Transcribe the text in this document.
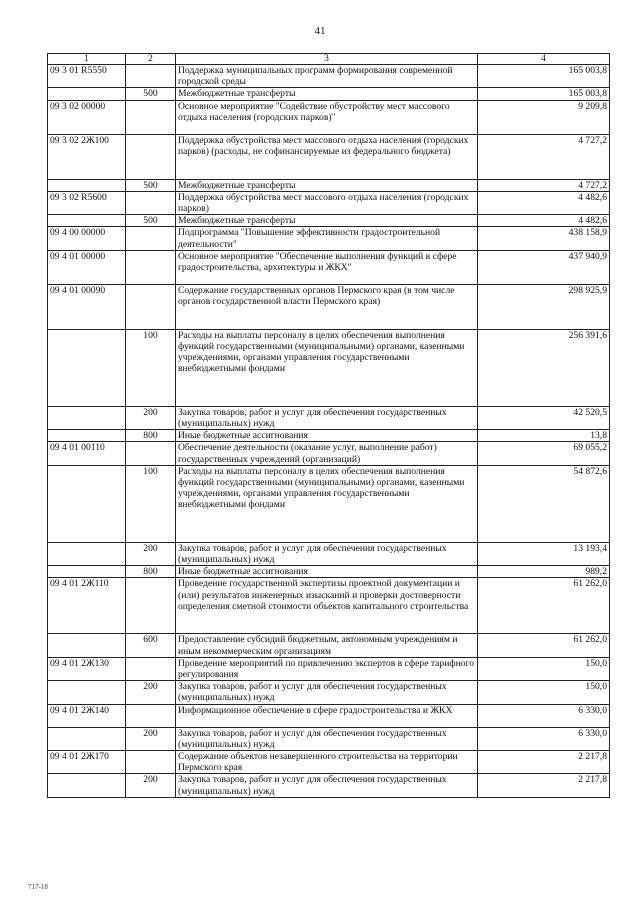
41
1	2	3	4
09 3 01 R5550		Поддержка муниципальных программ формирования современной городской среды	165 003,8
	500	Межбюджетные трансферты	165 003,8
09 3 02 00000		Основное мероприятие "Содействие обустройству мест массового отдыха населения (городских парков)"	9 209,8
09 3 02 2Ж100		Поддержка обустройства мест массового отдыха населения (городских парков) (расходы, не софинансируемые из федерального бюджета)	4 727,2
	500	Межбюджетные трансферты	4 727,2
09 3 02 R5600		Поддержка обустройства мест массового отдыха населения (городских парков)	4 482,6
	500	Межбюджетные трансферты	4 482,6
09 4 00 00000		Подпрограмма "Повышение эффективности градостроительной деятельности"	438 158,9
09 4 01 00000		Основное мероприятие "Обеспечение выполнения функций в сфере градостроительства, архитектуры и ЖКХ"	437 940,9
09 4 01 00090		Содержание государственных органов Пермского края (в том числе органов государственной власти Пермского края)	298 925,9
	100	Расходы на выплаты персоналу в целях обеспечения выполнения функций государственными (муниципальными) органами, казенными учреждениями, органами управления государственными внебюджетными фондами	256 391,6
	200	Закупка товаров, работ и услуг для обеспечения государственных (муниципальных) нужд	42 520,5
	800	Иные бюджетные ассигнования	13,8
09 4 01 00110		Обеспечение деятельности (оказание услуг, выполнение работ) государственных учреждений (организаций)	69 055,2
	100	Расходы на выплаты персоналу в целях обеспечения выполнения функций государственными (муниципальными) органами, казенными учреждениями, органами управления государственными внебюджетными фондами	54 872,6
	200	Закупка товаров, работ и услуг для обеспечения государственных (муниципальных) нужд	13 193,4
	800	Иные бюджетные ассигнования	989,2
09 4 01 2Ж110		Проведение государственной экспертизы проектной документации и (или) результатов инженерных изысканий и проверки достоверности определения сметной стоимости объектов капитального строительства	61 262,0
	600	Предоставление субсидий бюджетным, автономным учреждениям и иным некоммерческим организациям	61 262,0
09 4 01 2Ж130		Проведение мероприятий по привлечению экспертов в сфере тарифного регулирования	150,0
	200	Закупка товаров, работ и услуг для обеспечения государственных (муниципальных) нужд	150,0
09 4 01 2Ж140		Информационное обеспечение в сфере градостроительства и ЖКХ	6 330,0
	200	Закупка товаров, работ и услуг для обеспечения государственных (муниципальных) нужд	6 330,0
09 4 01 2Ж170		Содержание объектов незавершенного строительства на территории Пермского края	2 217,8
	200	Закупка товаров, работ и услуг для обеспечения государственных (муниципальных) нужд	2 217,8
717-18
